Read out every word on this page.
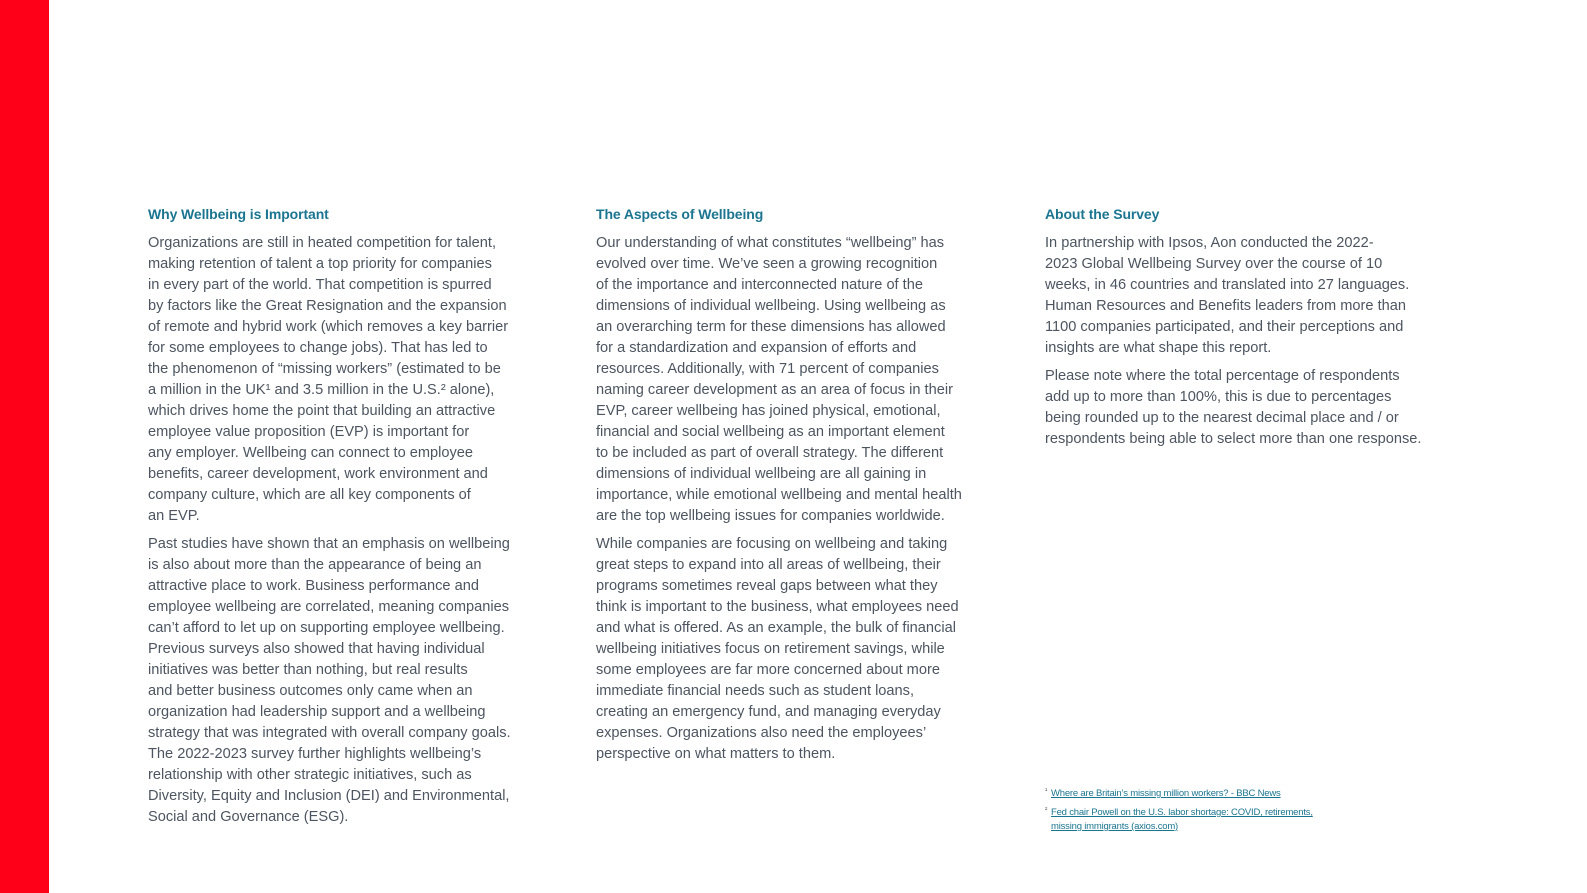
Why Wellbeing is Important

Organizations are still in heated competition for talent,
making retention of talent a top priority for companies
in every part of the world. That competition is spurred
by factors like the Great Resignation and the expansion
of remote and hybrid work (which removes a key barrier
for some employees to change jobs). That has led to
the phenomenon of “missing workers” (estimated to be
a million in the UK¹ and 3.5 million in the U.S.² alone),
which drives home the point that building an attractive
employee value proposition (EVP) is important for
any employer. Wellbeing can connect to employee
benefits, career development, work environment and
company culture, which are all key components of
an EVP.

Past studies have shown that an emphasis on wellbeing
is also about more than the appearance of being an
attractive place to work. Business performance and
employee wellbeing are correlated, meaning companies
can’t afford to let up on supporting employee wellbeing.
Previous surveys also showed that having individual
initiatives was better than nothing, but real results
and better business outcomes only came when an
organization had leadership support and a wellbeing
strategy that was integrated with overall company goals.
The 2022-2023 survey further highlights wellbeing’s
relationship with other strategic initiatives, such as
Diversity, Equity and Inclusion (DEI) and Environmental,
Social and Governance (ESG).

The Aspects of Wellbeing

Our understanding of what constitutes “wellbeing” has
evolved over time. We’ve seen a growing recognition
of the importance and interconnected nature of the
dimensions of individual wellbeing. Using wellbeing as
an overarching term for these dimensions has allowed
for a standardization and expansion of efforts and
resources. Additionally, with 71 percent of companies
naming career development as an area of focus in their
EVP, career wellbeing has joined physical, emotional,
financial and social wellbeing as an important element
to be included as part of overall strategy. The different
dimensions of individual wellbeing are all gaining in
importance, while emotional wellbeing and mental health
are the top wellbeing issues for companies worldwide.

While companies are focusing on wellbeing and taking
great steps to expand into all areas of wellbeing, their
programs sometimes reveal gaps between what they
think is important to the business, what employees need
and what is offered. As an example, the bulk of financial
wellbeing initiatives focus on retirement savings, while
some employees are far more concerned about more
immediate financial needs such as student loans,
creating an emergency fund, and managing everyday
expenses. Organizations also need the employees’
perspective on what matters to them.

About the Survey

In partnership with Ipsos, Aon conducted the 2022-
2023 Global Wellbeing Survey over the course of 10
weeks, in 46 countries and translated into 27 languages.
Human Resources and Benefits leaders from more than
1100 companies participated, and their perceptions and
insights are what shape this report.

Please note where the total percentage of respondents
add up to more than 100%, this is due to percentages
being rounded up to the nearest decimal place and / or
respondents being able to select more than one response.

¹ Where are Britain’s missing million workers? - BBC News
² Fed chair Powell on the U.S. labor shortage: COVID, retirements,
missing immigrants (axios.com)
